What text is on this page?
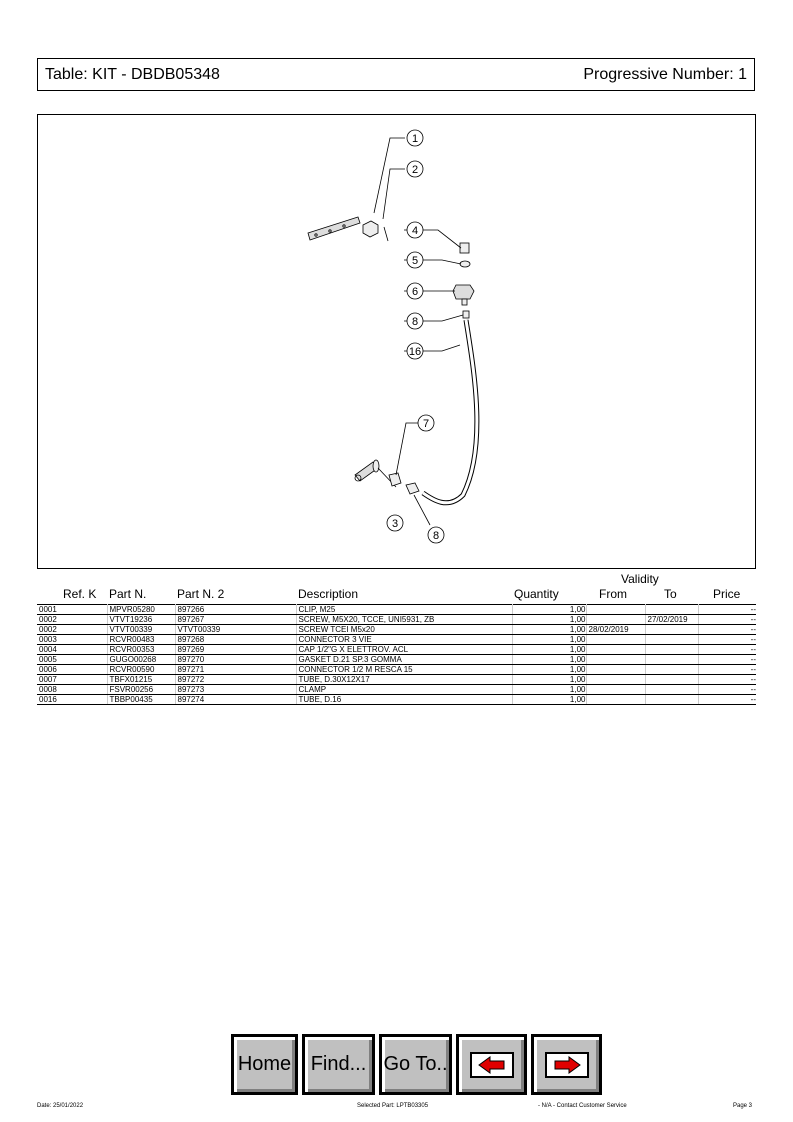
Table: KIT - DBDB05348	Progressive Number: 1
1
2
4
5
6
8
16
7
3
8
Validity
Ref. K Part N.	Part N. 2	Description	Quantity	From	To	Price
0001	MPVR05280	897266	CLIP, M25	1,00			--
0002	VTVT19236	897267	SCREW, M5X20, TCCE, UNI5931, ZB	1,00		27/02/2019	--
0002	VTVT00339	VTVT00339	SCREW TCEI M5x20	1,00	28/02/2019		--
0003	RCVR00483	897268	CONNECTOR 3 VIE	1,00			--
0004	RCVR00353	897269	CAP 1/2"G X ELETTROV. ACL	1,00			--
0005	GUGO00268	897270	GASKET D.21 SP.3 GOMMA	1,00			--
0006	RCVR00590	897271	CONNECTOR 1/2 M RESCA 15	1,00			--
0007	TBFX01215	897272	TUBE, D.30X12X17	1,00			--
0008	FSVR00256	897273	CLAMP	1,00			--
0016	TBBP00435	897274	TUBE, D.16	1,00			--
Home Find... Go To..
Date: 25/01/2022	Selected Part: LPTB03305	- N/A - Contact Customer Service	Page 3
